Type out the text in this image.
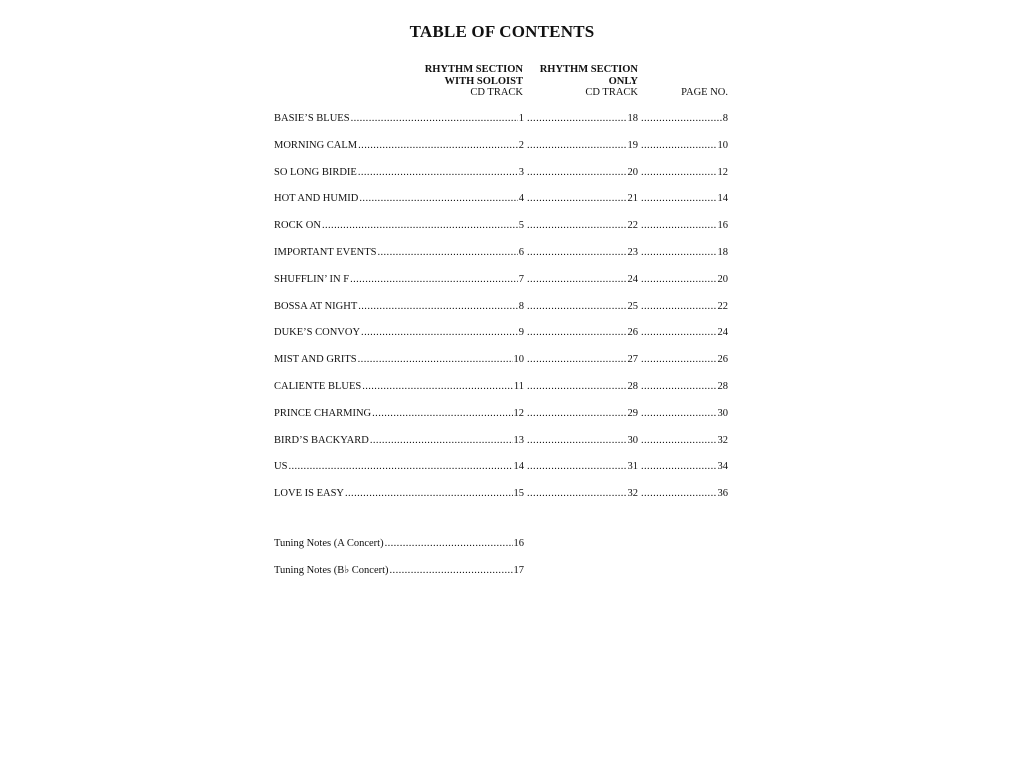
TABLE OF CONTENTS
RHYTHM SECTION
WITH SOLOIST
CD TRACK
RHYTHM SECTION
ONLY
CD TRACK	PAGE NO.
BASIE’S BLUES .....	1 .....	18 .....	8
MORNING CALM .....	2 .....	19 .....	10
SO LONG BIRDIE .....	3 .....	20 .....	12
HOT AND HUMID .....	4 .....	21 .....	14
ROCK ON .....	5 .....	22 .....	16
IMPORTANT EVENTS .....	6 .....	23 .....	18
SHUFFLIN’ IN F .....	7 .....	24 .....	20
BOSSA AT NIGHT .....	8 .....	25 .....	22
DUKE’S CONVOY .....	9 .....	26 .....	24
MIST AND GRITS .....	10 .....	27 .....	26
CALIENTE BLUES .....	11 .....	28 .....	28
PRINCE CHARMING .....	12 .....	29 .....	30
BIRD’S BACKYARD .....	13 .....	30 .....	32
US .....	14 .....	31 .....	34
LOVE IS EASY .....	15 .....	32 .....	36
Tuning Notes (A Concert) .....	16
Tuning Notes (B♭ Concert) .....	17
